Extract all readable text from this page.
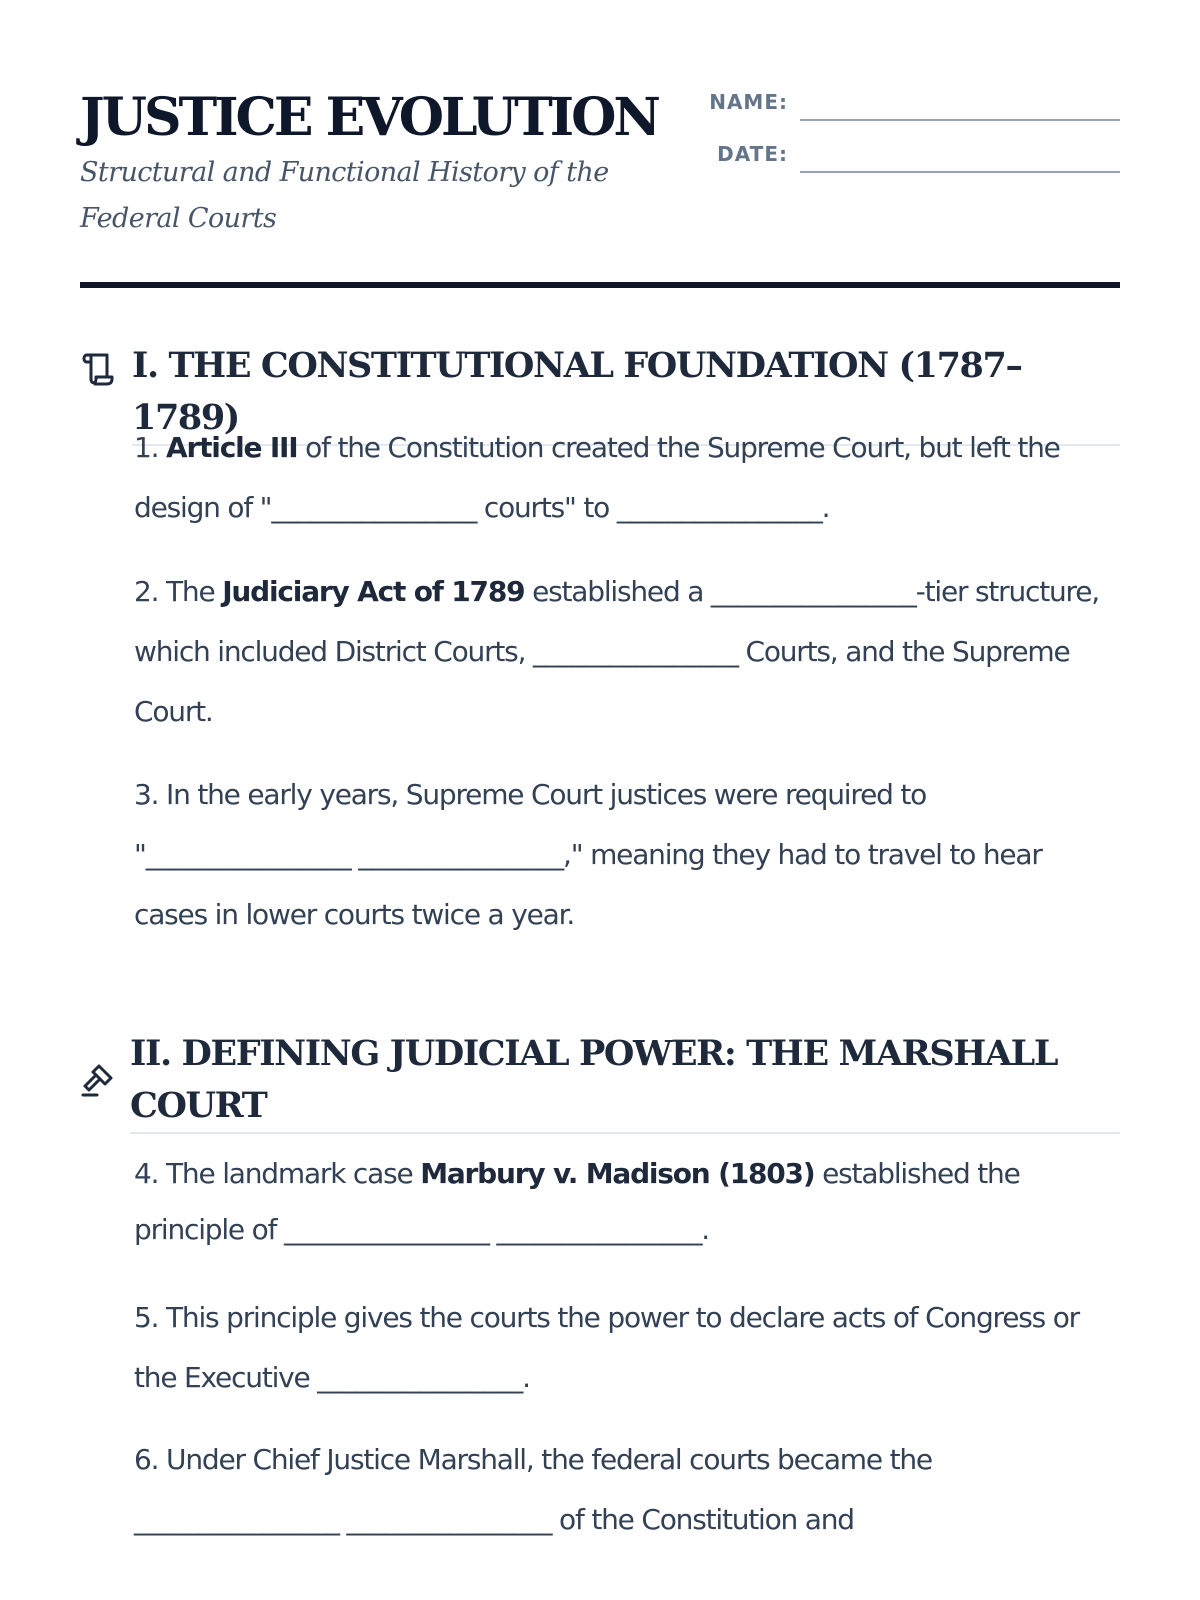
JUSTICE EVOLUTION

Structural and Functional History of the Federal Courts

NAME:
DATE:
I. THE CONSTITUTIONAL FOUNDATION (1787–1789)

1. Article III of the Constitution created the Supreme Court, but left the design of "________________ courts" to ________________.

2. The Judiciary Act of 1789 established a ________________-tier structure, which included District Courts, ________________ Courts, and the Supreme Court.

3. In the early years, Supreme Court justices were required to "________________ ________________," meaning they had to travel to hear cases in lower courts twice a year.

II. DEFINING JUDICIAL POWER: THE MARSHALL COURT

4. The landmark case Marbury v. Madison (1803) established the principle of ________________ ________________.

5. This principle gives the courts the power to declare acts of Congress or the Executive ________________.

6. Under Chief Justice Marshall, the federal courts became the ________________ ________________ of the Constitution and
